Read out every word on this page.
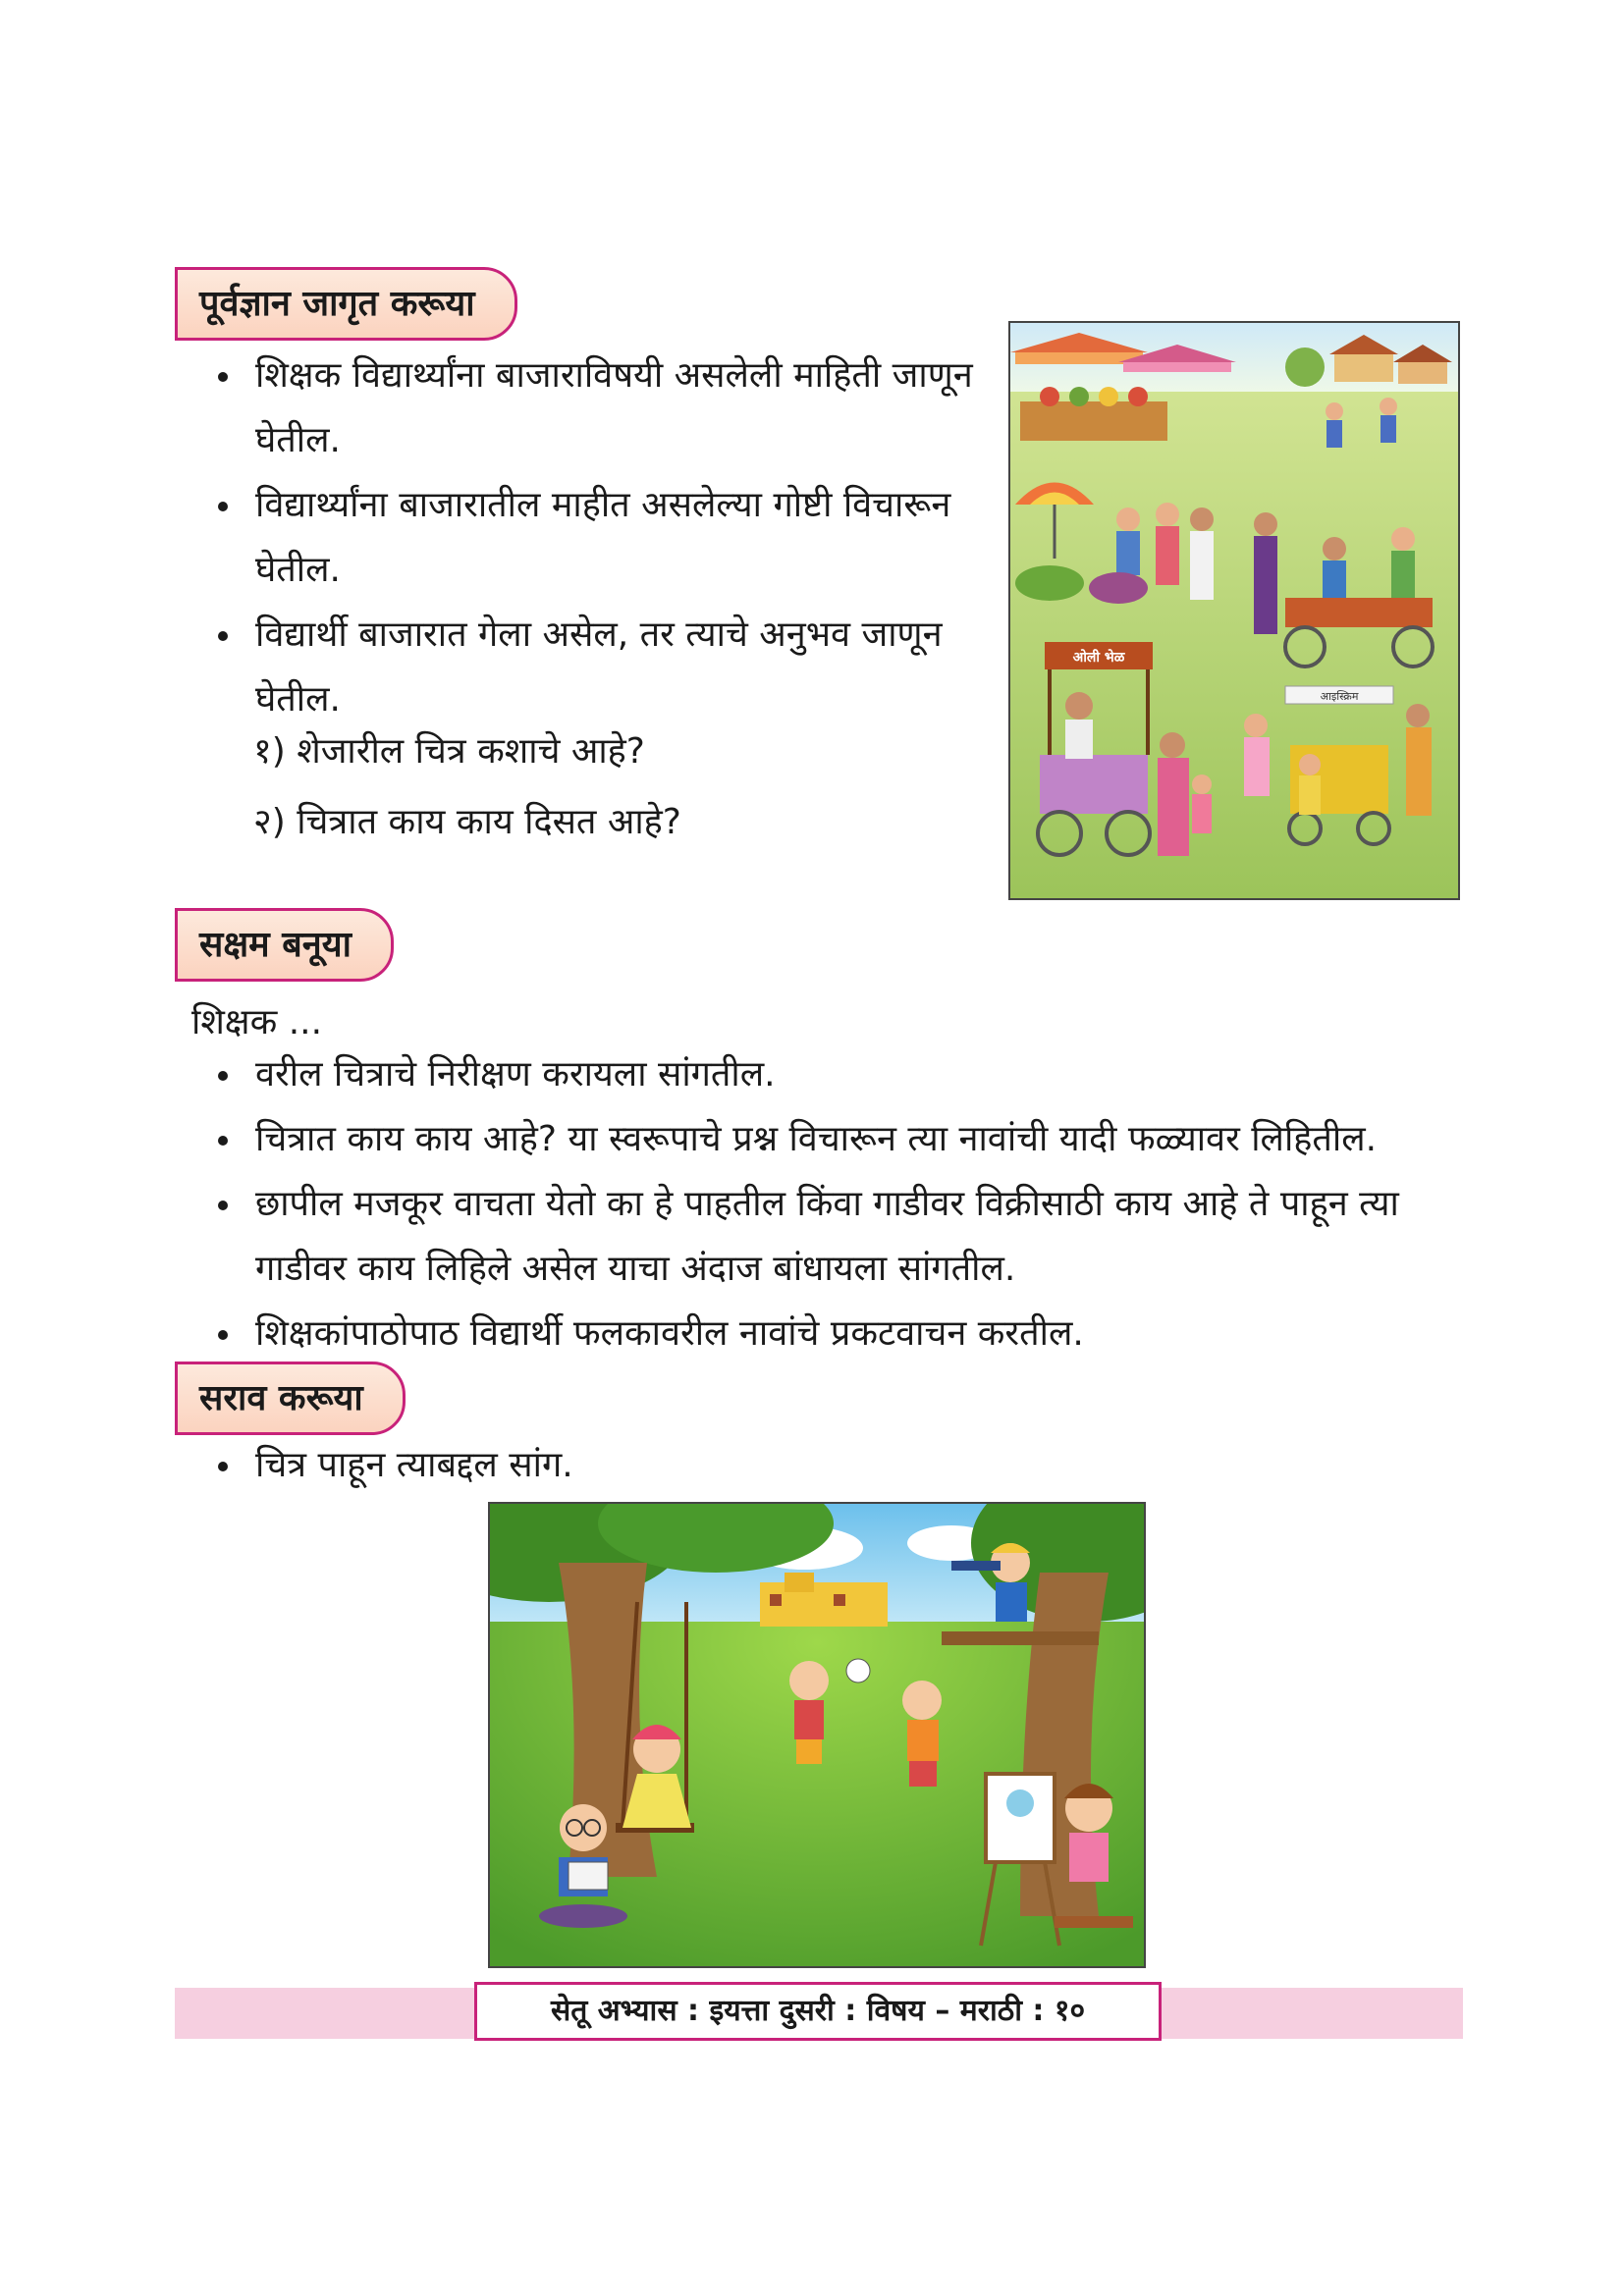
पूर्वज्ञान जागृत करूया
शिक्षक विद्यार्थ्यांना बाजाराविषयी असलेली माहिती जाणून घेतील.
विद्यार्थ्यांना बाजारातील माहीत असलेल्या गोष्टी विचारून घेतील.
विद्यार्थी बाजारात गेला असेल, तर त्याचे अनुभव जाणून घेतील.
१) शेजारील चित्र कशाचे आहे?
२) चित्रात काय काय दिसत आहे?
ओली भेळ
आइस्क्रिम
सक्षम बनूया
शिक्षक ...
वरील चित्राचे निरीक्षण करायला सांगतील.
चित्रात काय काय आहे? या स्वरूपाचे प्रश्न विचारून त्या नावांची यादी फळ्यावर लिहितील.
छापील मजकूर वाचता येतो का हे पाहतील किंवा गाडीवर विक्रीसाठी काय आहे ते पाहून त्या गाडीवर काय लिहिले असेल याचा अंदाज बांधायला सांगतील.
शिक्षकांपाठोपाठ विद्यार्थी फलकावरील नावांचे प्रकटवाचन करतील.
सराव करूया
चित्र पाहून त्याबद्दल सांग.
सेतू अभ्यास : इयत्ता दुसरी : विषय – मराठी : १०
